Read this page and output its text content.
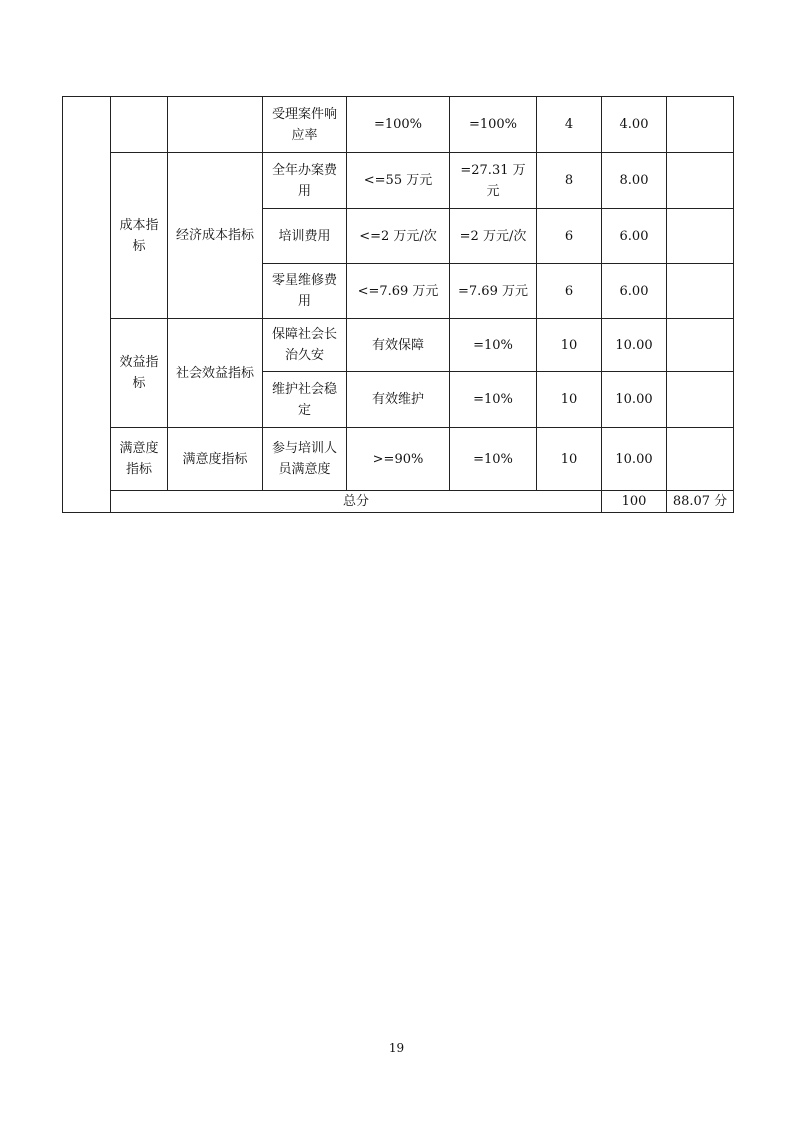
			受理案件响应率	=100%	=100%	4	4.00		
	成本指标	经济成本指标	全年办案费用	<=55 万元	=27.31 万元	8	8.00		
			培训费用	<=2 万元/次	=2 万元/次	6	6.00		
			零星维修费用	<=7.69 万元	=7.69 万元	6	6.00		
	效益指标	社会效益指标	保障社会长治久安	有效保障	=10%	10	10.00		
			维护社会稳定	有效维护	=10%	10	10.00		
	满意度指标	满意度指标	参与培训人员满意度	>=90%	=10%	10	10.00		
	总分						100	88.07 分	
19
